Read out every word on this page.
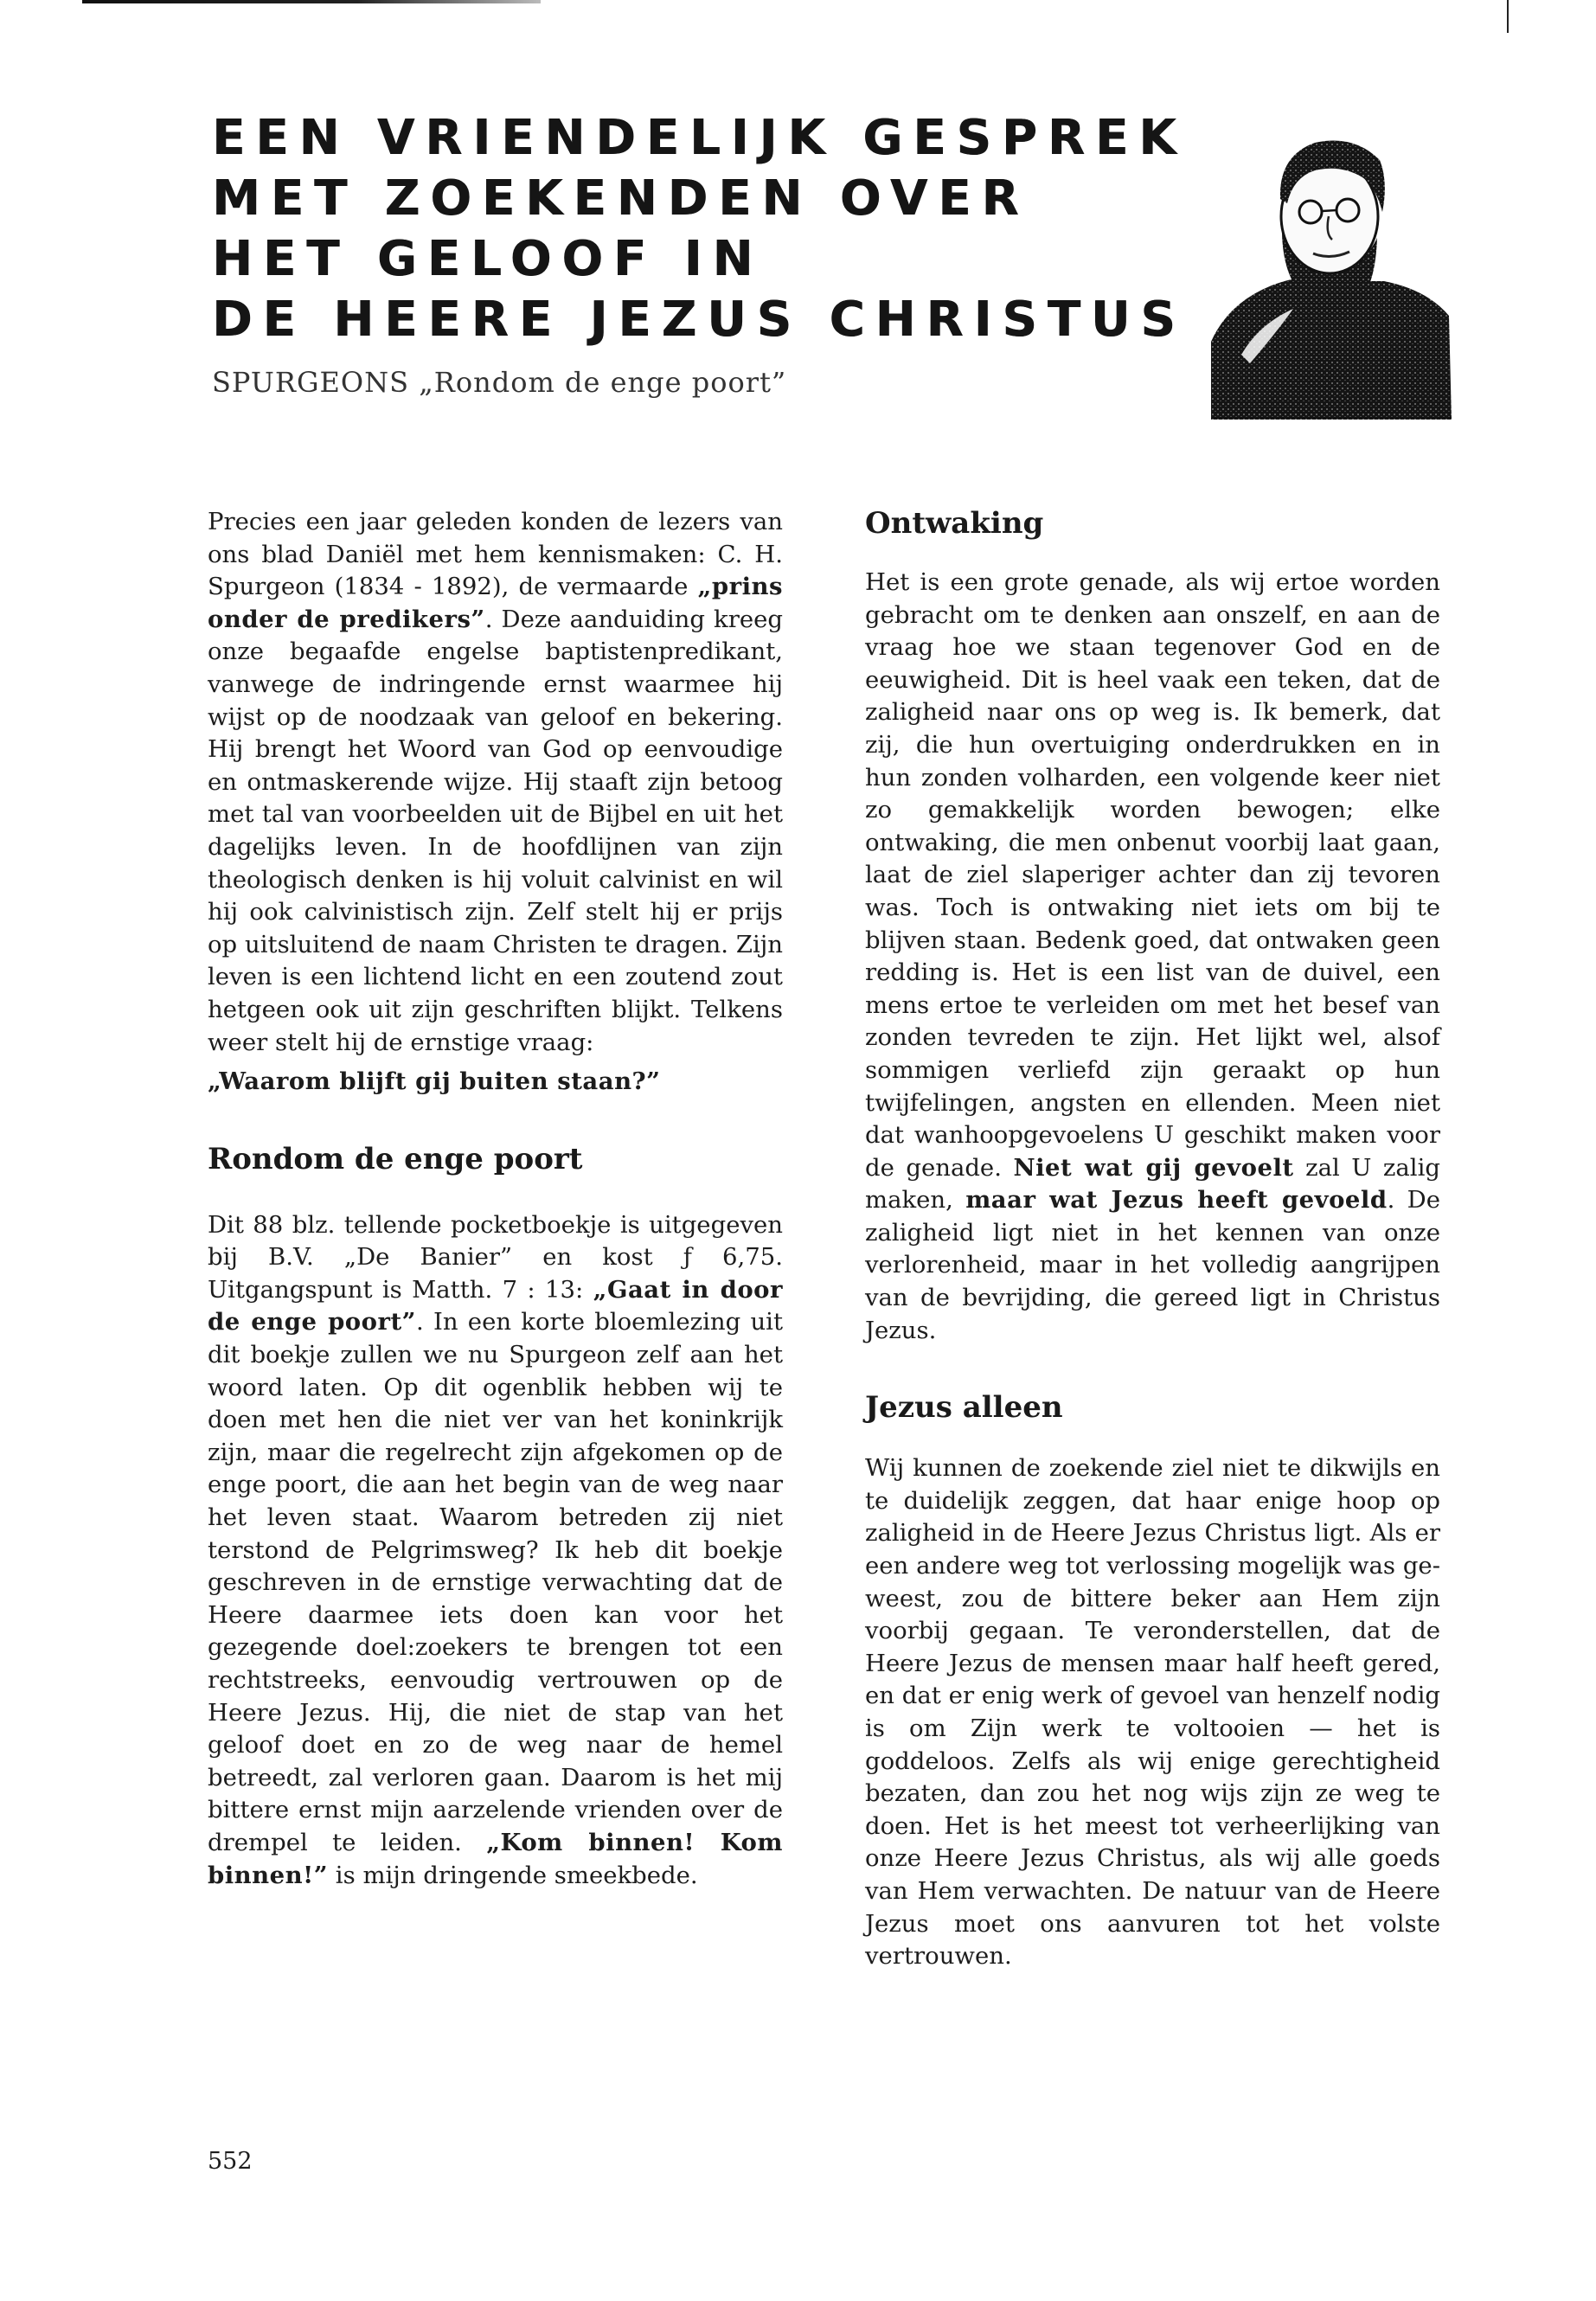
EEN VRIENDELIJK GESPREK
MET ZOEKENDEN OVER
HET GELOOF IN
DE HEERE JEZUS CHRISTUS
SPURGEONS „Rondom de enge poort”

Precies een jaar geleden konden de lezers van ons blad Daniël met hem kennismaken: C. H. Spurgeon (1834 - 1892), de vermaarde „prins onder de predikers”. Deze aanduiding kreeg onze begaafde engelse baptistenpredikant, vanwege de indringende ernst waarmee hij wijst op de noodzaak van geloof en bekering. Hij brengt het Woord van God op eenvoudige en ontmaskerende wijze. Hij staaft zijn betoog met tal van voorbeelden uit de Bijbel en uit het dagelijks leven. In de hoofdlijnen van zijn theologisch denken is hij voluit calvinist en wil hij ook calvinistisch zijn. Zelf stelt hij er prijs op uitsluitend de naam Christen te dragen. Zijn leven is een lichtend licht en een zoutend zout hetgeen ook uit zijn geschriften blijkt. Telkens weer stelt hij de ernstige vraag:

„Waarom blijft gij buiten staan?”

Rondom de enge poort

Dit 88 blz. tellende pocketboekje is uitgegeven bij B.V. „De Banier” en kost ƒ 6,75. Uitgangspunt is Matth. 7 : 13: „Gaat in door de enge poort”. In een korte bloemlezing uit dit boekje zullen we nu Spurgeon zelf aan het woord laten. Op dit ogenblik hebben wij te doen met hen die niet ver van het koninkrijk zijn, maar die regelrecht zijn afgekomen op de enge poort, die aan het begin van de weg naar het leven staat. Waarom betreden zij niet terstond de Pelgrimsweg? Ik heb dit boekje geschreven in de ernstige verwachting dat de Heere daarmee iets doen kan voor het gezegende doel:zoekers te brengen tot een rechtstreeks, eenvoudig vertrouwen op de Heere Jezus. Hij, die niet de stap van het geloof doet en zo de weg naar de hemel betreedt, zal verloren gaan. Daarom is het mij bittere ernst mijn aarzelende vrienden over de drempel te leiden. „Kom binnen! Kom binnen!” is mijn dringende smeekbede.

Ontwaking

Het is een grote genade, als wij ertoe worden gebracht om te denken aan onszelf, en aan de vraag hoe we staan tegenover God en de eeuwigheid. Dit is heel vaak een teken, dat de zaligheid naar ons op weg is. Ik bemerk, dat zij, die hun overtuiging onderdrukken en in hun zonden volharden, een volgende keer niet zo gemakkelijk worden bewogen; elke ontwaking, die men onbenut voorbij laat gaan, laat de ziel slaperiger achter dan zij tevoren was. Toch is ontwaking niet iets om bij te blijven staan. Bedenk goed, dat ontwaken geen redding is. Het is een list van de duivel, een mens ertoe te verleiden om met het besef van zonden tevreden te zijn. Het lijkt wel, alsof sommigen verliefd zijn geraakt op hun twijfelingen, angsten en ellenden. Meen niet dat wanhoopgevoelens U geschikt maken voor de genade. Niet wat gij gevoelt zal U zalig maken, maar wat Jezus heeft gevoeld. De zaligheid ligt niet in het kennen van onze verlorenheid, maar in het volledig aangrijpen van de bevrijding, die gereed ligt in Christus Jezus.

Jezus alleen

Wij kunnen de zoekende ziel niet te dikwijls en te duidelijk zeggen, dat haar enige hoop op zaligheid in de Heere Jezus Christus ligt. Als er een andere weg tot verlossing mogelijk was geweest, zou de bittere beker aan Hem zijn voorbij gegaan. Te veronderstellen, dat de Heere Jezus de mensen maar half heeft gered, en dat er enig werk of gevoel van henzelf nodig is om Zijn werk te voltooien — het is goddeloos. Zelfs als wij enige gerechtigheid bezaten, dan zou het nog wijs zijn ze weg te doen. Het is het meest tot verheerlijking van onze Heere Jezus Christus, als wij alle goeds van Hem verwachten. De natuur van de Heere Jezus moet ons aanvuren tot het volste vertrouwen.

552
